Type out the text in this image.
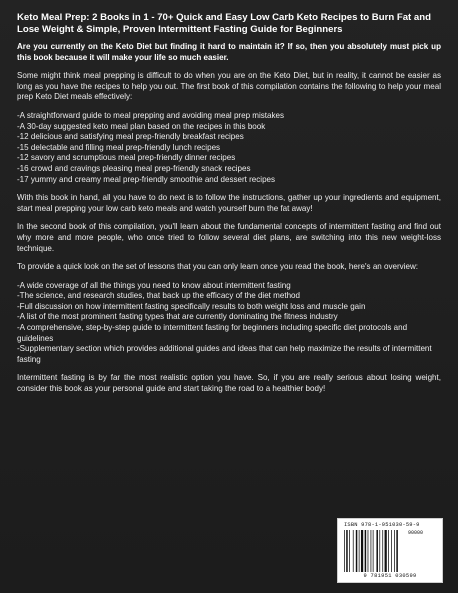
Keto Meal Prep: 2 Books in 1 - 70+ Quick and Easy Low Carb Keto Recipes to Burn Fat and Lose Weight & Simple, Proven Intermittent Fasting Guide for Beginners
Are you currently on the Keto Diet but finding it hard to maintain it? If so, then you absolutely must pick up this book because it will make your life so much easier.
Some might think meal prepping is difficult to do when you are on the Keto Diet, but in reality, it cannot be easier as long as you have the recipes to help you out. The first book of this compilation contains the following to help your meal prep Keto Diet meals effectively:
-A straightforward guide to meal prepping and avoiding meal prep mistakes
-A 30-day suggested keto meal plan based on the recipes in this book
-12 delicious and satisfying meal prep-friendly breakfast recipes
-15 delectable and filling meal prep-friendly lunch recipes
-12 savory and scrumptious meal prep-friendly dinner recipes
-16 crowd and cravings pleasing meal prep-friendly snack recipes
-17 yummy and creamy meal prep-friendly smoothie and dessert recipes
With this book in hand, all you have to do next is to follow the instructions, gather up your ingredients and equipment, start meal prepping your low carb keto meals and watch yourself burn the fat away!
In the second book of this compilation, you'll learn about the fundamental concepts of intermittent fasting and find out why more and more people, who once tried to follow several diet plans, are switching into this new weight-loss technique.
To provide a quick look on the set of lessons that you can only learn once you read the book, here's an overview:
-A wide coverage of all the things you need to know about intermittent fasting
-The science, and research studies, that back up the efficacy of the diet method
-Full discussion on how intermittent fasting specifically results to both weight loss and muscle gain
-A list of the most prominent fasting types that are currently dominating the fitness industry
-A comprehensive, step-by-step guide to intermittent fasting for beginners including specific diet protocols and guidelines
-Supplementary section which provides additional guides and ideas that can help maximize the results of intermittent fasting
Intermittent fasting is by far the most realistic option you have. So, if you are really serious about losing weight, consider this book as your personal guide and start taking the road to a healthier body!
ISBN 978-1-951030-59-9
90000
9 781951 030599
